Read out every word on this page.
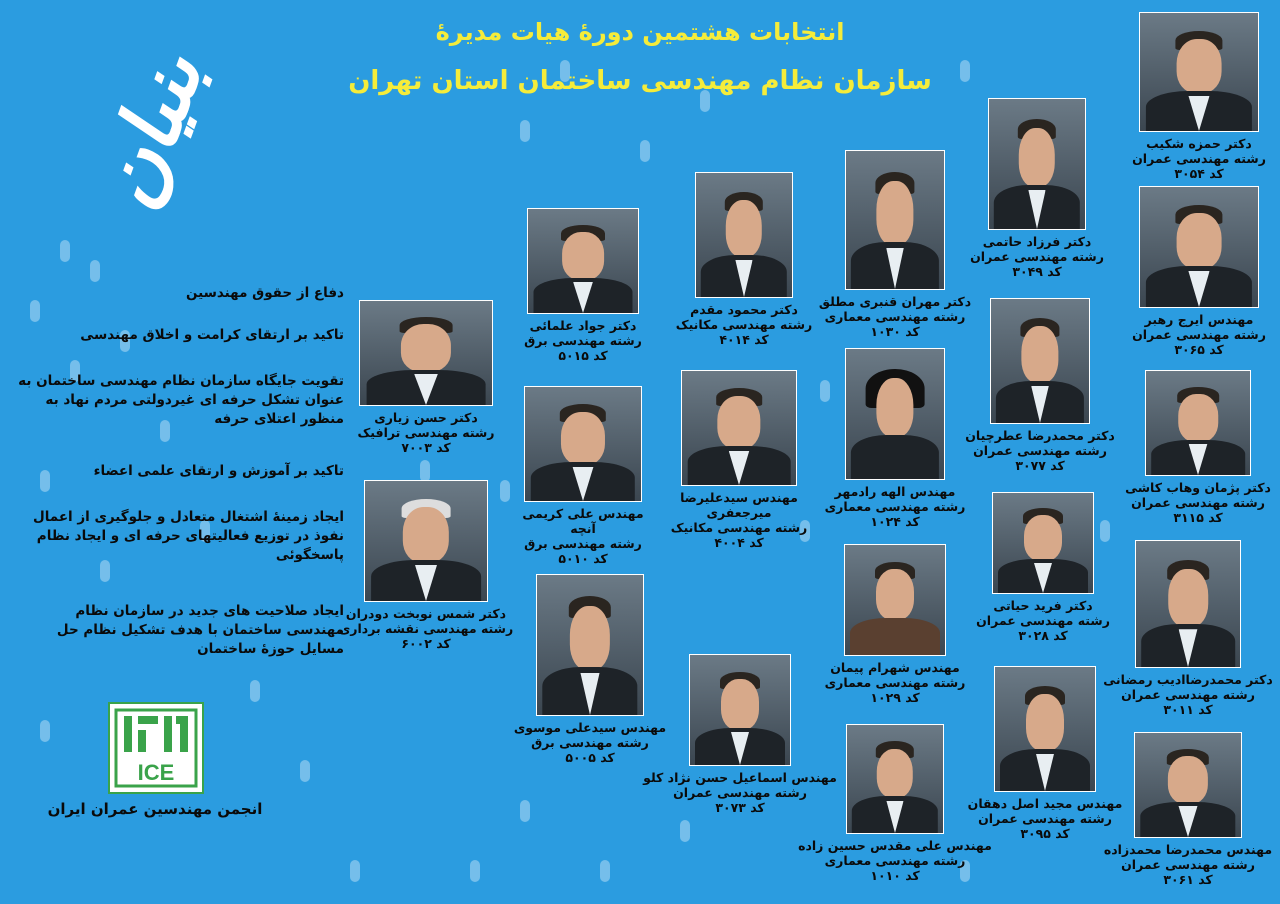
انتخابات هشتمین دورهٔ هیات مدیرهٔ
سازمان نظام مهندسی ساختمان استان تهران
بنیان
دفاع از حقوق مهندسین
تاکید بر ارتقای کرامت و اخلاق مهندسی
تقویت جایگاه سازمان نظام مهندسی ساختمان به عنوان تشکل حرفه ای غیردولتی مردم نهاد به منظور اعتلای حرفه
تاکید بر آموزش و ارتقای علمی اعضاء
ایجاد زمینهٔ اشتغال متعادل و جلوگیری از اعمال نفوذ در توزیع فعالیتهای حرفه ای و ایجاد نظام پاسخگوئی
ایجاد صلاحیت های جدید در سازمان نظام مهندسی ساختمان با هدف تشکیل نظام حل مسایل حوزهٔ ساختمان
دکتر حمزه شکیب
رشته مهندسی عمران
کد ۳۰۵۴
دکتر فرزاد حاتمی
رشته مهندسی عمران
کد ۳۰۴۹
مهندس ایرج رهبر
رشته مهندسی عمران
کد ۳۰۶۵
دکتر مهران قنبری مطلق
رشته مهندسی معماری
کد ۱۰۳۰
دکتر محمود مقدم
رشته مهندسی مکانیک
کد ۴۰۱۴
دکتر جواد علمائی
رشته مهندسی برق
کد ۵۰۱۵
دکتر حسن زیاری
رشته مهندسی ترافیک
کد ۷۰۰۳
دکتر محمدرضا عطرچیان
رشته مهندسی عمران
کد ۳۰۷۷
دکتر پژمان وهاب کاشی
رشته مهندسی عمران
کد ۳۱۱۵
مهندس الهه رادمهر
رشته مهندسی معماری
کد ۱۰۲۴
مهندس سیدعلیرضا میرجعفری
رشته مهندسی مکانیک
کد ۴۰۰۴
مهندس علی کریمی آنچه
رشته مهندسی برق
کد ۵۰۱۰
دکتر شمس نوبخت دودران
رشته مهندسی نقشه برداری
کد ۶۰۰۲
دکتر فرید حیاتی
رشته مهندسی عمران
کد ۳۰۲۸
دکتر محمدرضاادیب رمضانی
رشته مهندسی عمران
کد ۳۰۱۱
مهندس شهرام پیمان
رشته مهندسی معماری
کد ۱۰۲۹
مهندس سیدعلی موسوی
رشته مهندسی برق
کد ۵۰۰۵
مهندس اسماعیل حسن نژاد کلو
رشته مهندسی عمران
کد ۳۰۷۳	مهندس مجید اصل دهقان
رشته مهندسی عمران
کد ۳۰۹۵
مهندس علی مقدس حسین زاده
رشته مهندسی معماری
کد ۱۰۱۰
مهندس محمدرضا محمدزاده
رشته مهندسی عمران
کد ۳۰۶۱
ICE
انجمن مهندسین عمران ایران
